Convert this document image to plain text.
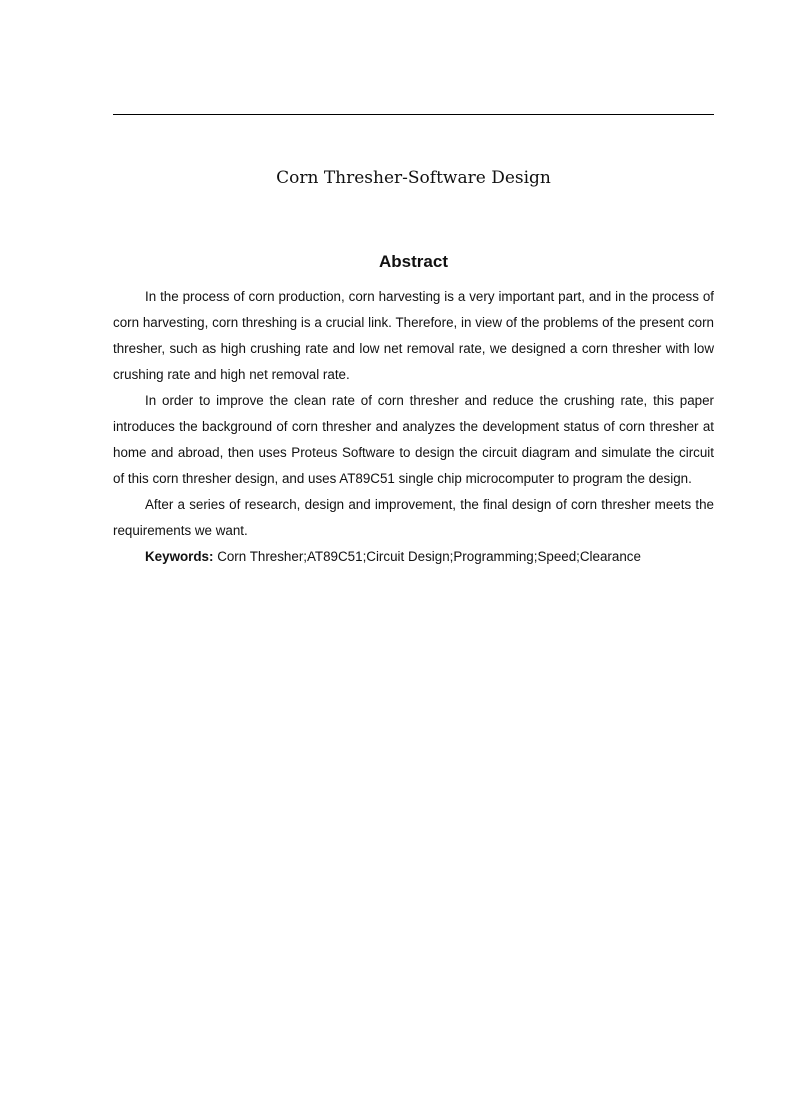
Corn Thresher-Software Design
Abstract

In the process of corn production, corn harvesting is a very important part, and in the process of corn harvesting, corn threshing is a crucial link. Therefore, in view of the problems of the present corn thresher, such as high crushing rate and low net removal rate, we designed a corn thresher with low crushing rate and high net removal rate.

In order to improve the clean rate of corn thresher and reduce the crushing rate, this paper introduces the background of corn thresher and analyzes the development status of corn thresher at home and abroad, then uses Proteus Software to design the circuit diagram and simulate the circuit of this corn thresher design, and uses AT89C51 single chip microcomputer to program the design.

After a series of research, design and improvement, the final design of corn thresher meets the requirements we want.

Keywords: Corn Thresher;AT89C51;Circuit Design;Programming;Speed;Clearance
